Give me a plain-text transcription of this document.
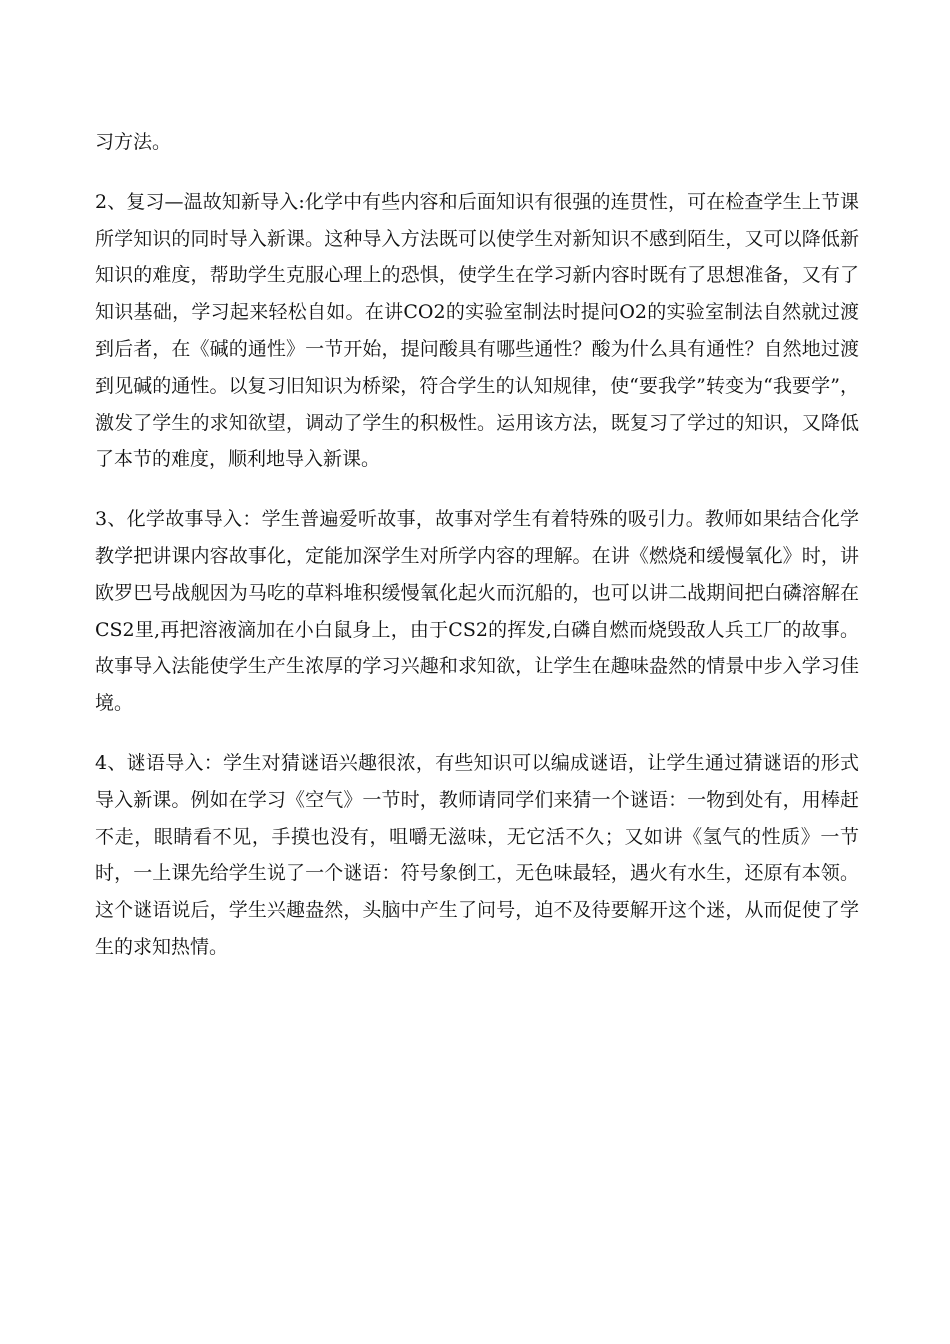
习方法。

2、复习—温故知新导入:化学中有些内容和后面知识有很强的连贯性，可在检查学生上节课所学知识的同时导入新课。这种导入方法既可以使学生对新知识不感到陌生，又可以降低新知识的难度，帮助学生克服心理上的恐惧，使学生在学习新内容时既有了思想准备，又有了知识基础，学习起来轻松自如。在讲CO2的实验室制法时提问O2的实验室制法自然就过渡到后者，在《碱的通性》一节开始，提问酸具有哪些通性？酸为什么具有通性？自然地过渡到见碱的通性。以复习旧知识为桥梁，符合学生的认知规律，使“要我学”转变为“我要学”，激发了学生的求知欲望，调动了学生的积极性。运用该方法，既复习了学过的知识，又降低了本节的难度，顺利地导入新课。

3、化学故事导入：学生普遍爱听故事，故事对学生有着特殊的吸引力。教师如果结合化学教学把讲课内容故事化，定能加深学生对所学内容的理解。在讲《燃烧和缓慢氧化》时，讲欧罗巴号战舰因为马吃的草料堆积缓慢氧化起火而沉船的，也可以讲二战期间把白磷溶解在CS2里,再把溶液滴加在小白鼠身上，由于CS2的挥发,白磷自燃而烧毁敌人兵工厂的故事。故事导入法能使学生产生浓厚的学习兴趣和求知欲，让学生在趣味盎然的情景中步入学习佳境。

4、谜语导入：学生对猜谜语兴趣很浓，有些知识可以编成谜语，让学生通过猜谜语的形式导入新课。例如在学习《空气》一节时，教师请同学们来猜一个谜语：一物到处有，用棒赶不走，眼睛看不见，手摸也没有，咀嚼无滋味，无它活不久；又如讲《氢气的性质》一节时，一上课先给学生说了一个谜语：符号象倒工，无色味最轻，遇火有水生，还原有本领。这个谜语说后，学生兴趣盎然，头脑中产生了问号，迫不及待要解开这个迷，从而促使了学生的求知热情。
